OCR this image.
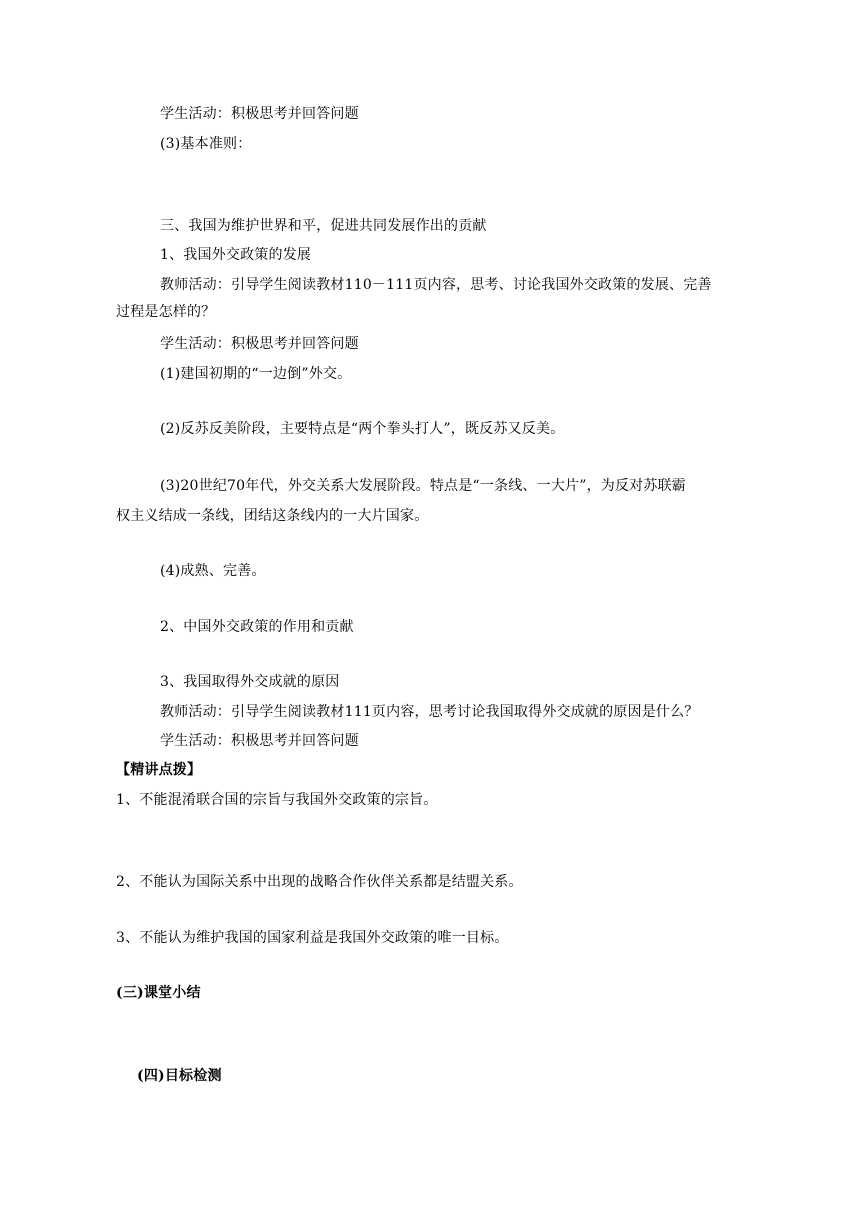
学生活动：积极思考并回答问题
(3)基本准则：
三、我国为维护世界和平，促进共同发展作出的贡献
1、我国外交政策的发展
教师活动：引导学生阅读教材110－111页内容，思考、讨论我国外交政策的发展、完善
过程是怎样的？
学生活动：积极思考并回答问题
(1)建国初期的“一边倒”外交。
(2)反苏反美阶段，主要特点是“两个拳头打人”，既反苏又反美。
(3)20世纪70年代，外交关系大发展阶段。特点是“一条线、一大片”，为反对苏联霸
权主义结成一条线，团结这条线内的一大片国家。
(4)成熟、完善。
2、中国外交政策的作用和贡献
3、我国取得外交成就的原因
教师活动：引导学生阅读教材111页内容，思考讨论我国取得外交成就的原因是什么？
学生活动：积极思考并回答问题
【精讲点拨】
1、不能混淆联合国的宗旨与我国外交政策的宗旨。
2、不能认为国际关系中出现的战略合作伙伴关系都是结盟关系。
3、不能认为维护我国的国家利益是我国外交政策的唯一目标。
(三)课堂小结
(四)目标检测
